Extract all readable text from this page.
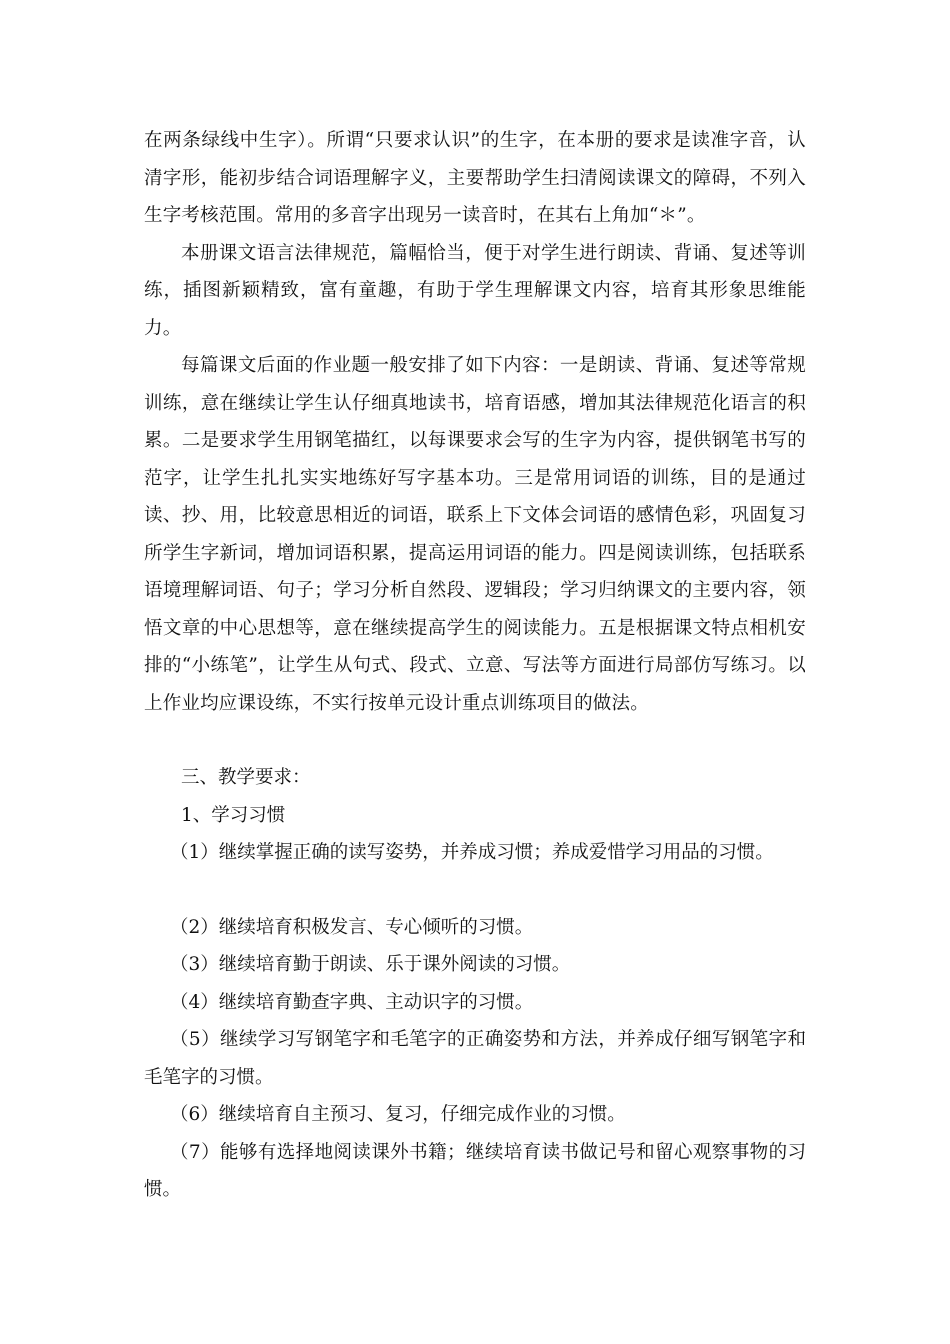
在两条绿线中生字）。所谓“只要求认识”的生字，在本册的要求是读准字音，认清字形，能初步结合词语理解字义，主要帮助学生扫清阅读课文的障碍，不列入生字考核范围。常用的多音字出现另一读音时，在其右上角加“＊”。

本册课文语言法律规范，篇幅恰当，便于对学生进行朗读、背诵、复述等训练，插图新颖精致，富有童趣，有助于学生理解课文内容，培育其形象思维能力。

每篇课文后面的作业题一般安排了如下内容：一是朗读、背诵、复述等常规训练，意在继续让学生认仔细真地读书，培育语感，增加其法律规范化语言的积累。二是要求学生用钢笔描红，以每课要求会写的生字为内容，提供钢笔书写的范字，让学生扎扎实实地练好写字基本功。三是常用词语的训练，目的是通过读、抄、用，比较意思相近的词语，联系上下文体会词语的感情色彩，巩固复习所学生字新词，增加词语积累，提高运用词语的能力。四是阅读训练，包括联系语境理解词语、句子；学习分析自然段、逻辑段；学习归纳课文的主要内容，领悟文章的中心思想等，意在继续提高学生的阅读能力。五是根据课文特点相机安排的“小练笔”，让学生从句式、段式、立意、写法等方面进行局部仿写练习。以上作业均应课设练，不实行按单元设计重点训练项目的做法。

三、教学要求：

1、学习习惯

（1）继续掌握正确的读写姿势，并养成习惯；养成爱惜学习用品的习惯。

（2）继续培育积极发言、专心倾听的习惯。

（3）继续培育勤于朗读、乐于课外阅读的习惯。

（4）继续培育勤查字典、主动识字的习惯。

（5）继续学习写钢笔字和毛笔字的正确姿势和方法，并养成仔细写钢笔字和毛笔字的习惯。

（6）继续培育自主预习、复习，仔细完成作业的习惯。

（7）能够有选择地阅读课外书籍；继续培育读书做记号和留心观察事物的习惯。
